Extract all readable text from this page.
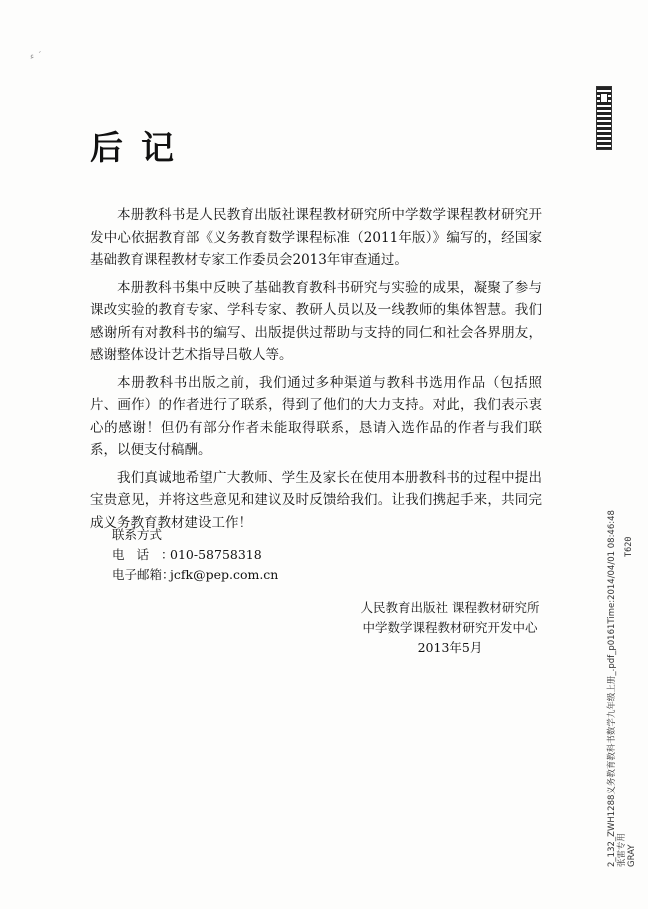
ء ˊ
后记

本册教科书是人民教育出版社课程教材研究所中学数学课程教材研究开发中心依据教育部《义务教育数学课程标准（2011年版）》编写的，经国家基础教育课程教材专家工作委员会2013年审查通过。

本册教科书集中反映了基础教育教科书研究与实验的成果，凝聚了参与课改实验的教育专家、学科专家、教研人员以及一线教师的集体智慧。我们感谢所有对教科书的编写、出版提供过帮助与支持的同仁和社会各界朋友，感谢整体设计艺术指导吕敬人等。

本册教科书出版之前，我们通过多种渠道与教科书选用作品（包括照片、画作）的作者进行了联系，得到了他们的大力支持。对此，我们表示衷心的感谢！但仍有部分作者未能取得联系，恳请入选作品的作者与我们联系，以便支付稿酬。

我们真诚地希望广大教师、学生及家长在使用本册教科书的过程中提出宝贵意见，并将这些意见和建议及时反馈给我们。让我们携起手来，共同完成义务教育教材建设工作！

联系方式
电话：010-58758318
电子邮箱：jcfk@pep.com.cn
人民教育出版社 课程教材研究所
中学数学课程教材研究开发中心
2013年5月
T620
2_132_ZWH1288义务教育教科书数学九年级上册_.pdf_p0161Time:2014/04/01 08:46:48 张雷专用 GRAY
